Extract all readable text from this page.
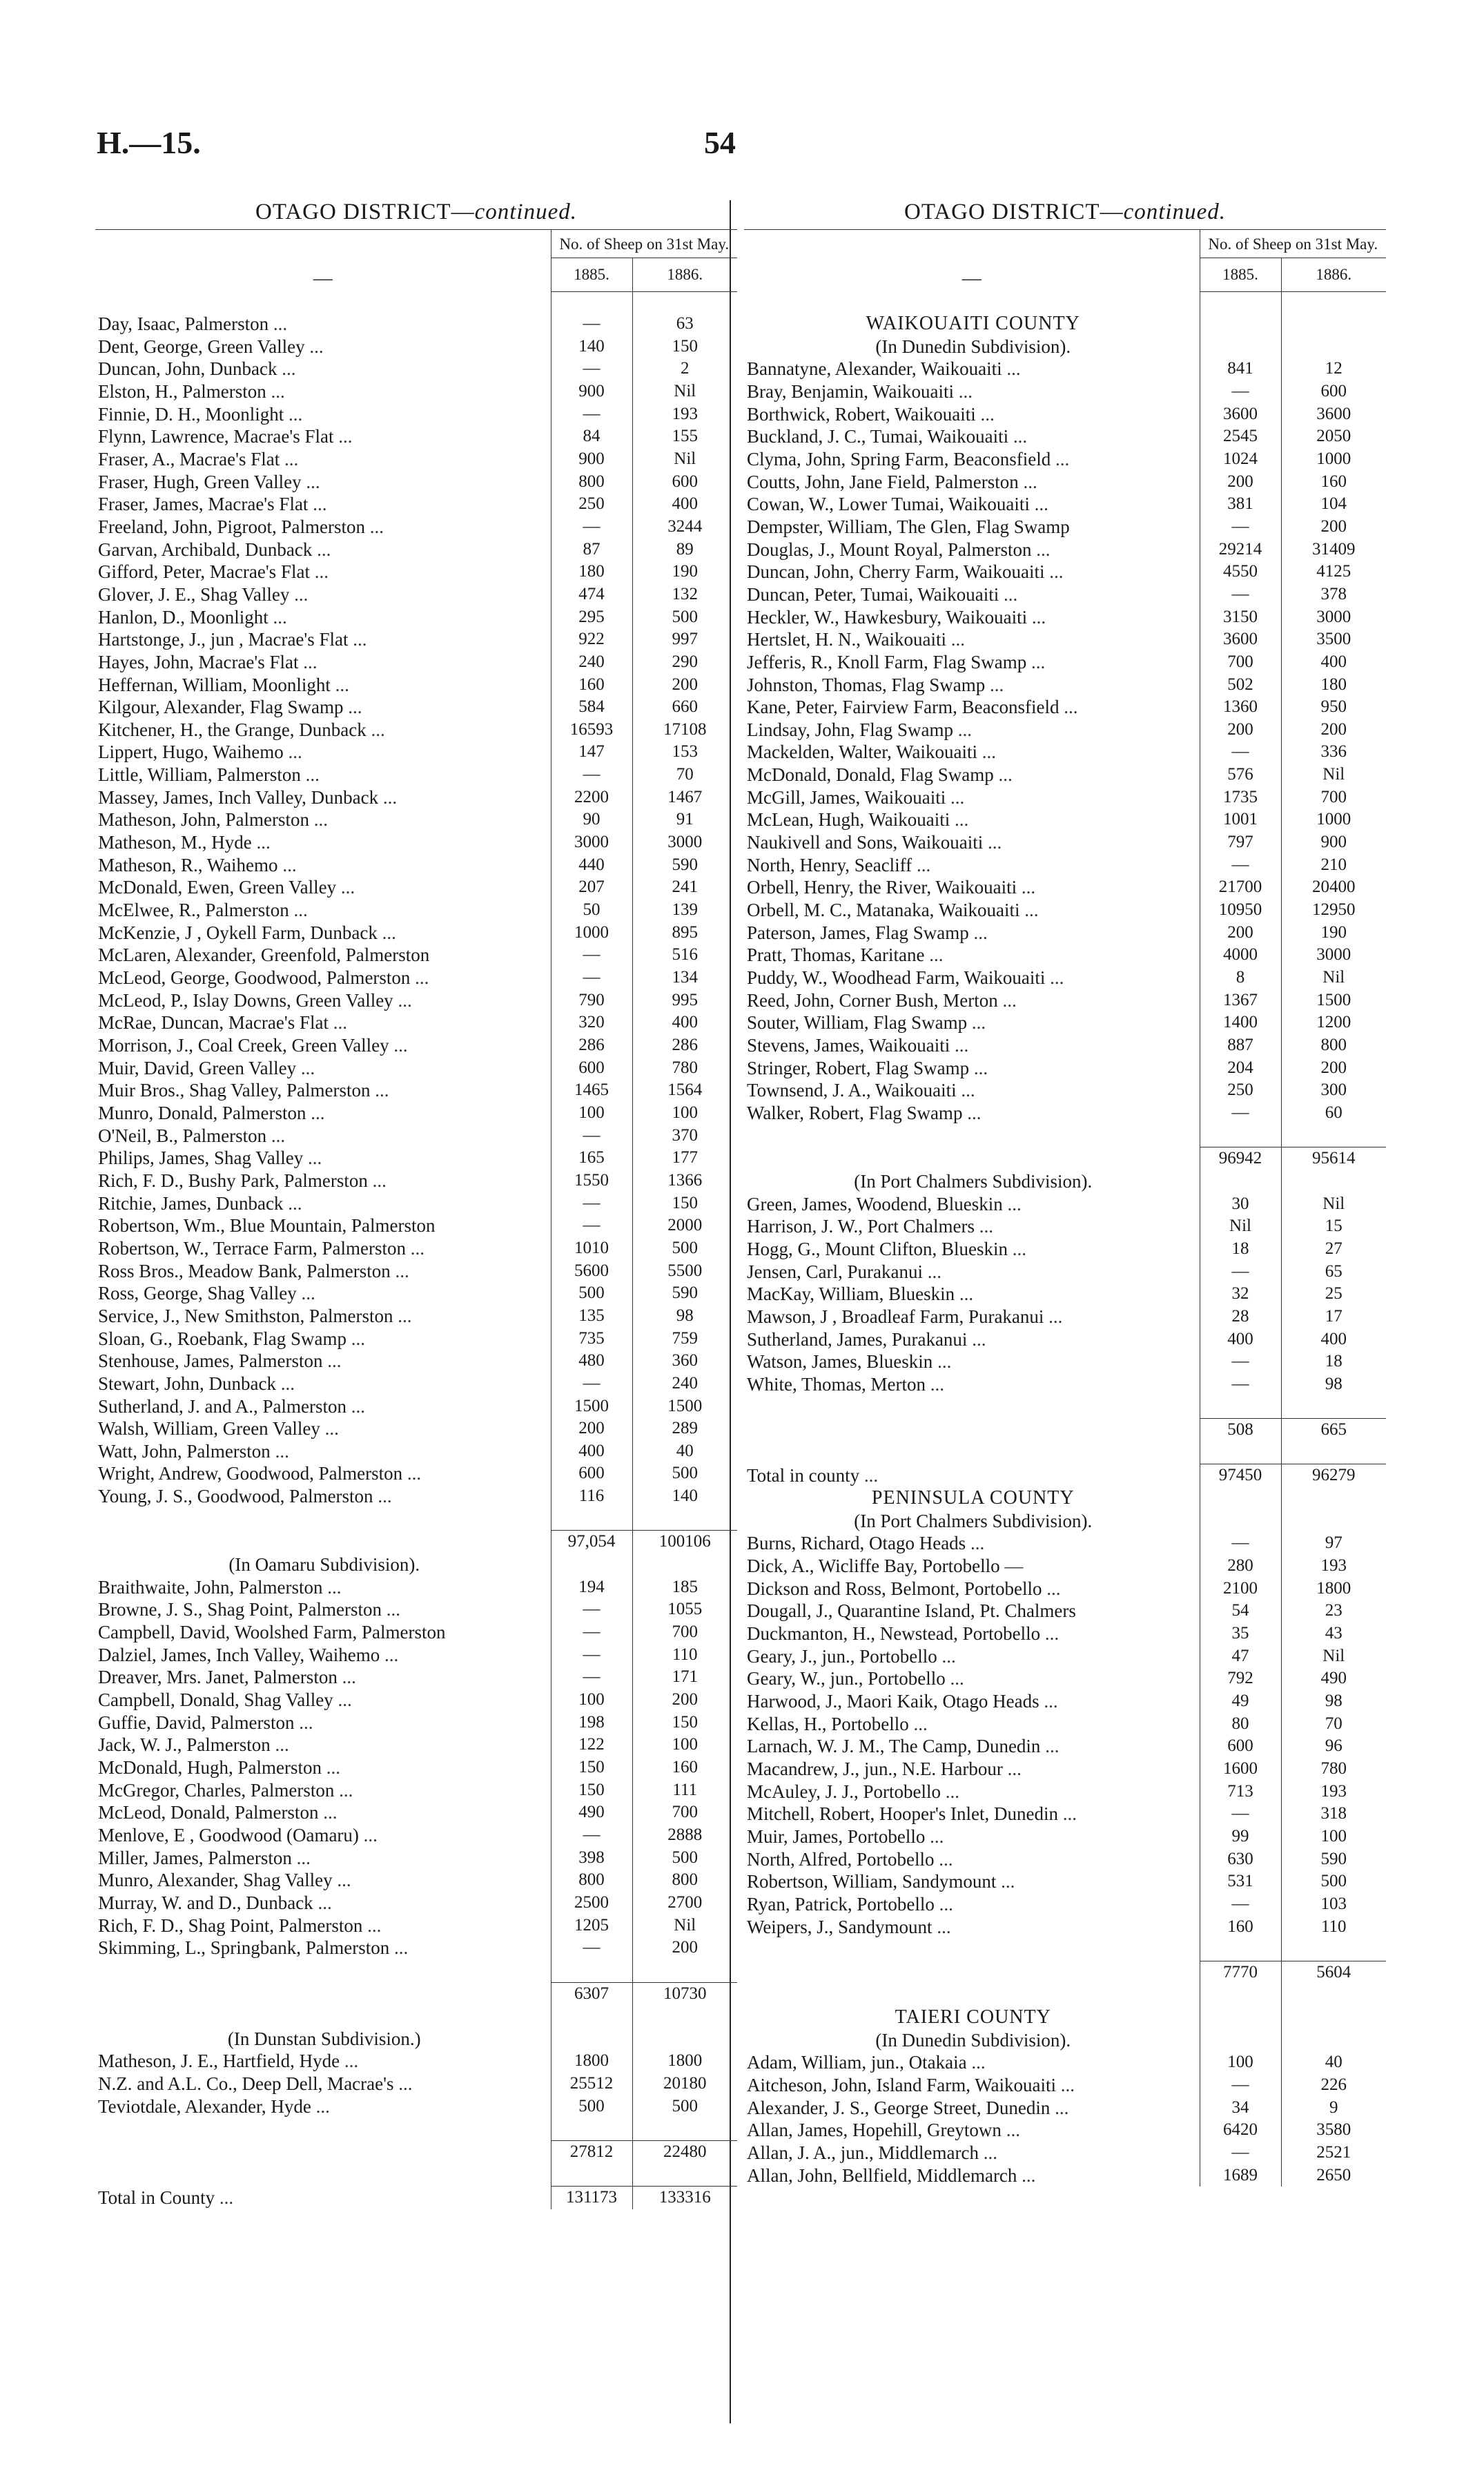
H.—15.	54
OTAGO DISTRICT—continued.
—	No. of Sheep on 31st May.	
	1885.	1886.

Day, Isaac, Palmerston ...	—	63
Dent, George, Green Valley ...	140	150
Duncan, John, Dunback ...	—	2
Elston, H., Palmerston ...	900	Nil
Finnie, D. H., Moonlight ...	—	193
Flynn, Lawrence, Macrae's Flat ...	84	155
Fraser, A., Macrae's Flat ...	900	Nil
Fraser, Hugh, Green Valley ...	800	600
Fraser, James, Macrae's Flat ...	250	400
Freeland, John, Pigroot, Palmerston ...	—	3244
Garvan, Archibald, Dunback ...	87	89
Gifford, Peter, Macrae's Flat ...	180	190
Glover, J. E., Shag Valley ...	474	132
Hanlon, D., Moonlight ...	295	500
Hartstonge, J., jun , Macrae's Flat ...	922	997
Hayes, John, Macrae's Flat ...	240	290
Heffernan, William, Moonlight ...	160	200
Kilgour, Alexander, Flag Swamp ...	584	660
Kitchener, H., the Grange, Dunback ...	16593	17108
Lippert, Hugo, Waihemo ...	147	153
Little, William, Palmerston ...	—	70
Massey, James, Inch Valley, Dunback ...	2200	1467
Matheson, John, Palmerston ...	90	91
Matheson, M., Hyde ...	3000	3000
Matheson, R., Waihemo ...	440	590
McDonald, Ewen, Green Valley ...	207	241
McElwee, R., Palmerston ...	50	139
McKenzie, J , Oykell Farm, Dunback ...	1000	895
McLaren, Alexander, Greenfold, Palmerston	—	516
McLeod, George, Goodwood, Palmerston ...	—	134
McLeod, P., Islay Downs, Green Valley ...	790	995
McRae, Duncan, Macrae's Flat ...	320	400
Morrison, J., Coal Creek, Green Valley ...	286	286
Muir, David, Green Valley ...	600	780
Muir Bros., Shag Valley, Palmerston ...	1465	1564
Munro, Donald, Palmerston ...	100	100
O'Neil, B., Palmerston ...	—	370
Philips, James, Shag Valley ...	165	177
Rich, F. D., Bushy Park, Palmerston ...	1550	1366
Ritchie, James, Dunback ...	—	150
Robertson, Wm., Blue Mountain, Palmerston	—	2000
Robertson, W., Terrace Farm, Palmerston ...	1010	500
Ross Bros., Meadow Bank, Palmerston ...	5600	5500
Ross, George, Shag Valley ...	500	590
Service, J., New Smithston, Palmerston ...	135	98
Sloan, G., Roebank, Flag Swamp ...	735	759
Stenhouse, James, Palmerston ...	480	360
Stewart, John, Dunback ...	—	240
Sutherland, J. and A., Palmerston ...	1500	1500
Walsh, William, Green Valley ...	200	289
Watt, John, Palmerston ...	400	40
Wright, Andrew, Goodwood, Palmerston ...	600	500
Young, J. S., Goodwood, Palmerston ...	116	140

	97,054	100106
(In Oamaru Subdivision).		
Braithwaite, John, Palmerston ...	194	185
Browne, J. S., Shag Point, Palmerston ...	—	1055
Campbell, David, Woolshed Farm, Palmerston	—	700
Dalziel, James, Inch Valley, Waihemo ...	—	110
Dreaver, Mrs. Janet, Palmerston ...	—	171
Campbell, Donald, Shag Valley ...	100	200
Guffie, David, Palmerston ...	198	150
Jack, W. J., Palmerston ...	122	100
McDonald, Hugh, Palmerston ...	150	160
McGregor, Charles, Palmerston ...	150	111
McLeod, Donald, Palmerston ...	490	700
Menlove, E , Goodwood (Oamaru) ...	—	2888
Miller, James, Palmerston ...	398	500
Munro, Alexander, Shag Valley ...	800	800
Murray, W. and D., Dunback ...	2500	2700
Rich, F. D., Shag Point, Palmerston ...	1205	Nil
Skimming, L., Springbank, Palmerston ...	—	200

	6307	10730

(In Dunstan Subdivision.)		
Matheson, J. E., Hartfield, Hyde ...	1800	1800
N.Z. and A.L. Co., Deep Dell, Macrae's ...	25512	20180
Teviotdale, Alexander, Hyde ...	500	500

	27812	22480

Total in County ...	131173	133316
OTAGO DISTRICT—continued.
—	No. of Sheep on 31st May.	
	1885.	1886.

WAIKOUAITI COUNTY		
(In Dunedin Subdivision).		
Bannatyne, Alexander, Waikouaiti ...	841	12
Bray, Benjamin, Waikouaiti ...	—	600
Borthwick, Robert, Waikouaiti ...	3600	3600
Buckland, J. C., Tumai, Waikouaiti ...	2545	2050
Clyma, John, Spring Farm, Beaconsfield ...	1024	1000
Coutts, John, Jane Field, Palmerston ...	200	160
Cowan, W., Lower Tumai, Waikouaiti ...	381	104
Dempster, William, The Glen, Flag Swamp	—	200
Douglas, J., Mount Royal, Palmerston ...	29214	31409
Duncan, John, Cherry Farm, Waikouaiti ...	4550	4125
Duncan, Peter, Tumai, Waikouaiti ...	—	378
Heckler, W., Hawkesbury, Waikouaiti ...	3150	3000
Hertslet, H. N., Waikouaiti ...	3600	3500
Jefferis, R., Knoll Farm, Flag Swamp ...	700	400
Johnston, Thomas, Flag Swamp ...	502	180
Kane, Peter, Fairview Farm, Beaconsfield ...	1360	950
Lindsay, John, Flag Swamp ...	200	200
Mackelden, Walter, Waikouaiti ...	—	336
McDonald, Donald, Flag Swamp ...	576	Nil
McGill, James, Waikouaiti ...	1735	700
McLean, Hugh, Waikouaiti ...	1001	1000
Naukivell and Sons, Waikouaiti ...	797	900
North, Henry, Seacliff ...	—	210
Orbell, Henry, the River, Waikouaiti ...	21700	20400
Orbell, M. C., Matanaka, Waikouaiti ...	10950	12950
Paterson, James, Flag Swamp ...	200	190
Pratt, Thomas, Karitane ...	4000	3000
Puddy, W., Woodhead Farm, Waikouaiti ...	8	Nil
Reed, John, Corner Bush, Merton ...	1367	1500
Souter, William, Flag Swamp ...	1400	1200
Stevens, James, Waikouaiti ...	887	800
Stringer, Robert, Flag Swamp ...	204	200
Townsend, J. A., Waikouaiti ...	250	300
Walker, Robert, Flag Swamp ...	—	60

	96942	95614
(In Port Chalmers Subdivision).		
Green, James, Woodend, Blueskin ...	30	Nil
Harrison, J. W., Port Chalmers ...	Nil	15
Hogg, G., Mount Clifton, Blueskin ...	18	27
Jensen, Carl, Purakanui ...	—	65
MacKay, William, Blueskin ...	32	25
Mawson, J , Broadleaf Farm, Purakanui ...	28	17
Sutherland, James, Purakanui ...	400	400
Watson, James, Blueskin ...	—	18
White, Thomas, Merton ...	—	98

	508	665

Total in county ...	97450	96279
PENINSULA COUNTY		
(In Port Chalmers Subdivision).		
Burns, Richard, Otago Heads ...	—	97
Dick, A., Wicliffe Bay, Portobello —	280	193
Dickson and Ross, Belmont, Portobello ...	2100	1800
Dougall, J., Quarantine Island, Pt. Chalmers	54	23
Duckmanton, H., Newstead, Portobello ...	35	43
Geary, J., jun., Portobello ...	47	Nil
Geary, W., jun., Portobello ...	792	490
Harwood, J., Maori Kaik, Otago Heads ...	49	98
Kellas, H., Portobello ...	80	70
Larnach, W. J. M., The Camp, Dunedin ...	600	96
Macandrew, J., jun., N.E. Harbour ...	1600	780
McAuley, J. J., Portobello ...	713	193
Mitchell, Robert, Hooper's Inlet, Dunedin ...	—	318
Muir, James, Portobello ...	99	100
North, Alfred, Portobello ...	630	590
Robertson, William, Sandymount ...	531	500
Ryan, Patrick, Portobello ...	—	103
Weipers, J., Sandymount ...	160	110

	7770	5604

TAIERI COUNTY		
(In Dunedin Subdivision).		
Adam, William, jun., Otakaia ...	100	40
Aitcheson, John, Island Farm, Waikouaiti ...	—	226
Alexander, J. S., George Street, Dunedin ...	34	9
Allan, James, Hopehill, Greytown ...	6420	3580
Allan, J. A., jun., Middlemarch ...	—	2521
Allan, John, Bellfield, Middlemarch ...	1689	2650
